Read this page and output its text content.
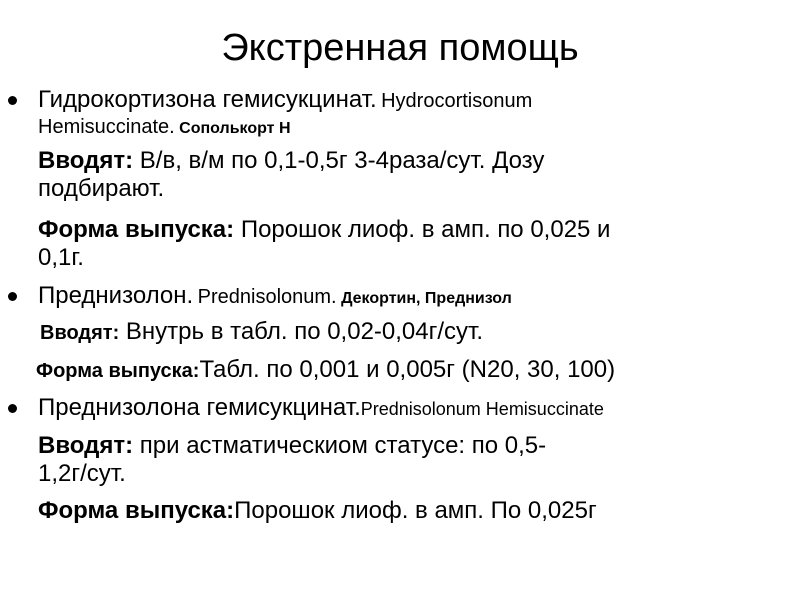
Экстренная помощь
Гидрокортизона гемисукцинат. Hydrocortisonum
Hemisuccinate. Сополькорт Н
Вводят: В/в, в/м по 0,1-0,5г 3-4раза/сут. Дозу
подбирают.
Форма выпуска: Порошок лиоф. в амп. по 0,025 и
0,1г.
Преднизолон. Prednisolonum. Декортин, Преднизол
Вводят: Внутрь в табл. по 0,02-0,04г/сут.
Форма выпуска:Табл. по 0,001 и 0,005г (N20, 30, 100)
Преднизолона гемисукцинат.Prednisolonum Hemisuccinate
Вводят: при астматическиом статусе: по 0,5-
1,2г/сут.
Форма выпуска:Порошок лиоф. в амп. По 0,025г
